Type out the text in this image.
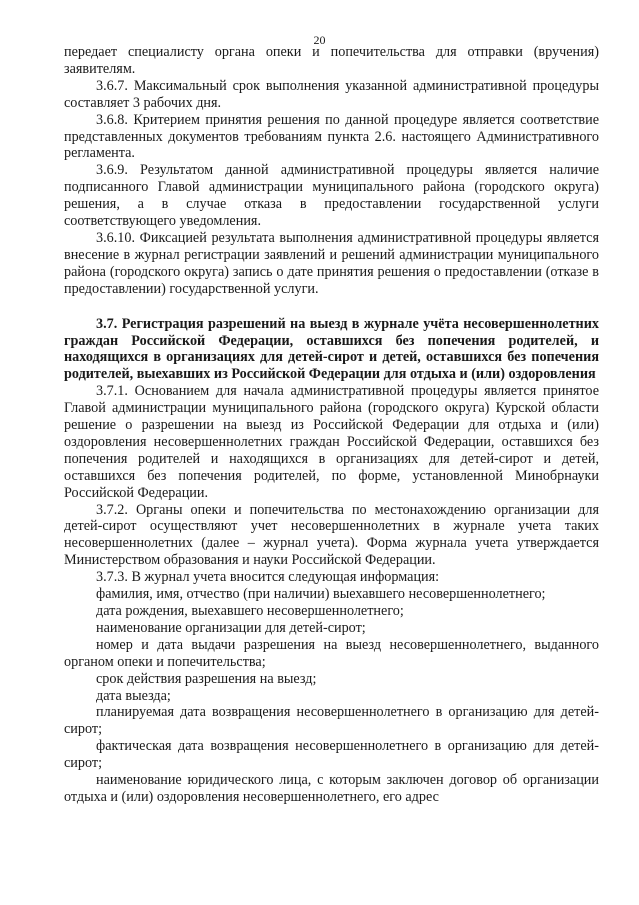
20

передает специалисту органа опеки и попечительства для отправки (вручения) заявителям.

3.6.7. Максимальный срок выполнения указанной административной процедуры составляет 3 рабочих дня.

3.6.8. Критерием принятия решения по данной процедуре является соответствие представленных документов требованиям пункта 2.6. настоящего Административного регламента.

3.6.9. Результатом данной административной процедуры является наличие подписанного Главой администрации муниципального района (городского округа) решения, а в случае отказа в предоставлении государственной услуги соответствующего уведомления.

3.6.10. Фиксацией результата выполнения административной процедуры является внесение в журнал регистрации заявлений и решений администрации муниципального района (городского округа) запись о дате принятия решения о предоставлении (отказе в предоставлении) государственной услуги.

3.7. Регистрация разрешений на выезд в журнале учёта несовершеннолетних граждан Российской Федерации, оставшихся без попечения родителей, и находящихся в организациях для детей-сирот и детей, оставшихся без попечения родителей, выехавших из Российской Федерации для отдыха и (или) оздоровления

3.7.1. Основанием для начала административной процедуры является принятое Главой администрации муниципального района (городского округа) Курской области решение о разрешении на выезд из Российской Федерации для отдыха и (или) оздоровления несовершеннолетних граждан Российской Федерации, оставшихся без попечения родителей и находящихся в организациях для детей-сирот и детей, оставшихся без попечения родителей, по форме, установленной Минобрнауки Российской Федерации.

3.7.2. Органы опеки и попечительства по местонахождению организации для детей-сирот осуществляют учет несовершеннолетних в журнале учета таких несовершеннолетних (далее – журнал учета). Форма журнала учета утверждается Министерством образования и науки Российской Федерации.

3.7.3. В журнал учета вносится следующая информация:

фамилия, имя, отчество (при наличии) выехавшего несовершеннолетнего;

дата рождения, выехавшего несовершеннолетнего;

наименование организации для детей-сирот;

номер и дата выдачи разрешения на выезд несовершеннолетнего, выданного органом опеки и попечительства;

срок действия разрешения на выезд;

дата выезда;

планируемая дата возвращения несовершеннолетнего в организацию для детей-сирот;

фактическая дата возвращения несовершеннолетнего в организацию для детей-сирот;

наименование юридического лица, с которым заключен договор об организации отдыха и (или) оздоровления несовершеннолетнего, его адрес
